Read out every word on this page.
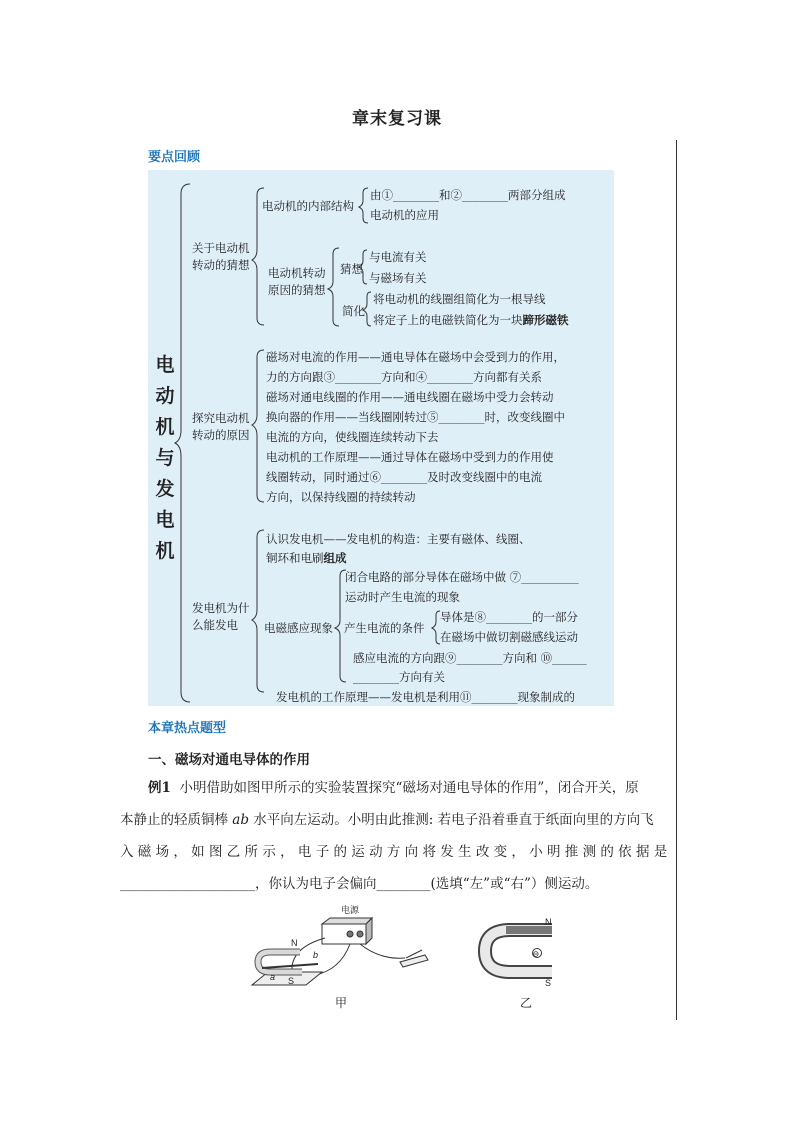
章末复习课
要点回顾
电
动
机
与
发
电
机
关于电动机
转动的猜想
电动机的内部结构
由①________和②________两部分组成
电动机的应用
电动机转动
原因的猜想
猜想
与电流有关
与磁场有关
简化
将电动机的线圈组简化为一根导线
将定子上的电磁铁简化为一块蹄形磁铁
探究电动机
转动的原因
磁场对电流的作用——通电导体在磁场中会受到力的作用，
力的方向跟③________方向和④________方向都有关系
磁场对通电线圈的作用——通电线圈在磁场中受力会转动
换向器的作用——当线圈刚转过⑤________时，改变线圈中
电流的方向，使线圈连续转动下去
电动机的工作原理——通过导体在磁场中受到力的作用使
线圈转动，同时通过⑥________及时改变线圈中的电流
方向，以保持线圈的持续转动
发电机为什
么能发电
认识发电机——发电机的构造：主要有磁体、线圈、
铜环和电刷组成
电磁感应现象
闭合电路的部分导体在磁场中做 ⑦__________
运动时产生电流的现象
产生电流的条件
导体是⑧________的一部分
在磁场中做切割磁感线运动
感应电流的方向跟⑨________方向和 ⑩______
________方向有关
发电机的工作原理——发电机是利用⑪________现象制成的
本章热点题型
一、磁场对通电导体的作用
例1 小明借助如图甲所示的实验装置探究“磁场对通电导体的作用”，闭合开关，原
本静止的轻质铜棒 ab 水平向左运动。小明由此推测: 若电子沿着垂直于纸面向里的方向飞
入 磁 场 ， 如 图 乙 所 示 ， 电 子 的 运 动 方 向 将 发 生 改 变 ， 小 明 推 测 的 依 据 是
____________________，你认为电子会偏向________(选填“左”或“右”）侧运动。
电源
N
S
a
b
N
S
⊖
甲	乙
